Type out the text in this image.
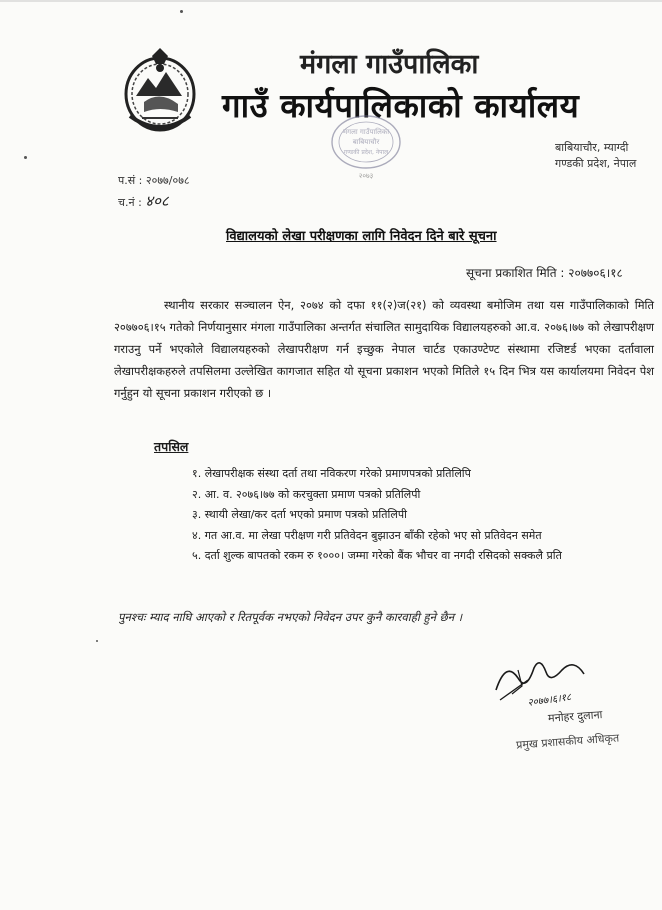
मंगला गाउँपालिका
गाउँ कार्यपालिकाको कार्यालय
मंगला गाउँपालिका
बाबियाचौर
गण्डकी प्रदेश, नेपाल
२०७३
बाबियाचौर, म्याग्दी
गण्डकी प्रदेश, नेपाल
प.सं : २०७७/०७८
च.नं : ४०८
विद्यालयको लेखा परीक्षणका लागि निवेदन दिने बारे सूचना
सूचना प्रकाशित मिति : २०७७०६।१८
स्थानीय सरकार सञ्चालन ऐन, २०७४ को दफा ११(२)ज(२१) को व्यवस्था बमोजिम तथा यस गाउँपालिकाको मिति २०७७०६।१५ गतेको निर्णयानुसार मंगला गाउँपालिका अन्तर्गत संचालित सामुदायिक विद्यालयहरुको आ.व. २०७६।७७ को लेखापरीक्षण गराउनु पर्ने भएकोले विद्यालयहरुको लेखापरीक्षण गर्न इच्छुक नेपाल चार्टड एकाउण्टेण्ट संस्थामा रजिष्टर्ड भएका दर्तावाला लेखापरीक्षकहरुले तपसिलमा उल्लेखित कागजात सहित यो सूचना प्रकाशन भएको मितिले १५ दिन भित्र यस कार्यालयमा निवेदन पेश गर्नुहुन यो सूचना प्रकाशन गरीएको छ ।
तपसिल
१. लेखापरीक्षक संस्था दर्ता तथा नविकरण गरेको प्रमाणपत्रको प्रतिलिपि
२. आ. व. २०७६।७७ को करचुक्ता प्रमाण पत्रको प्रतिलिपी
३. स्थायी लेखा/कर दर्ता भएको प्रमाण पत्रको प्रतिलिपी
४. गत आ.व. मा लेखा परीक्षण गरी प्रतिवेदन बुझाउन बाँकी रहेको भए सो प्रतिवेदन समेत
५. दर्ता शुल्क बापतको रकम रु १०००। जम्मा गरेको बैंक भौचर वा नगदी रसिदको सक्कलै प्रति
पुनश्चः म्याद नाघि आएको र रितपूर्वक नभएको निवेदन उपर कुनै कारवाही हुने छैन ।
२०७७।६।१८
मनोहर दुलाना
प्रमुख प्रशासकीय अधिकृत
